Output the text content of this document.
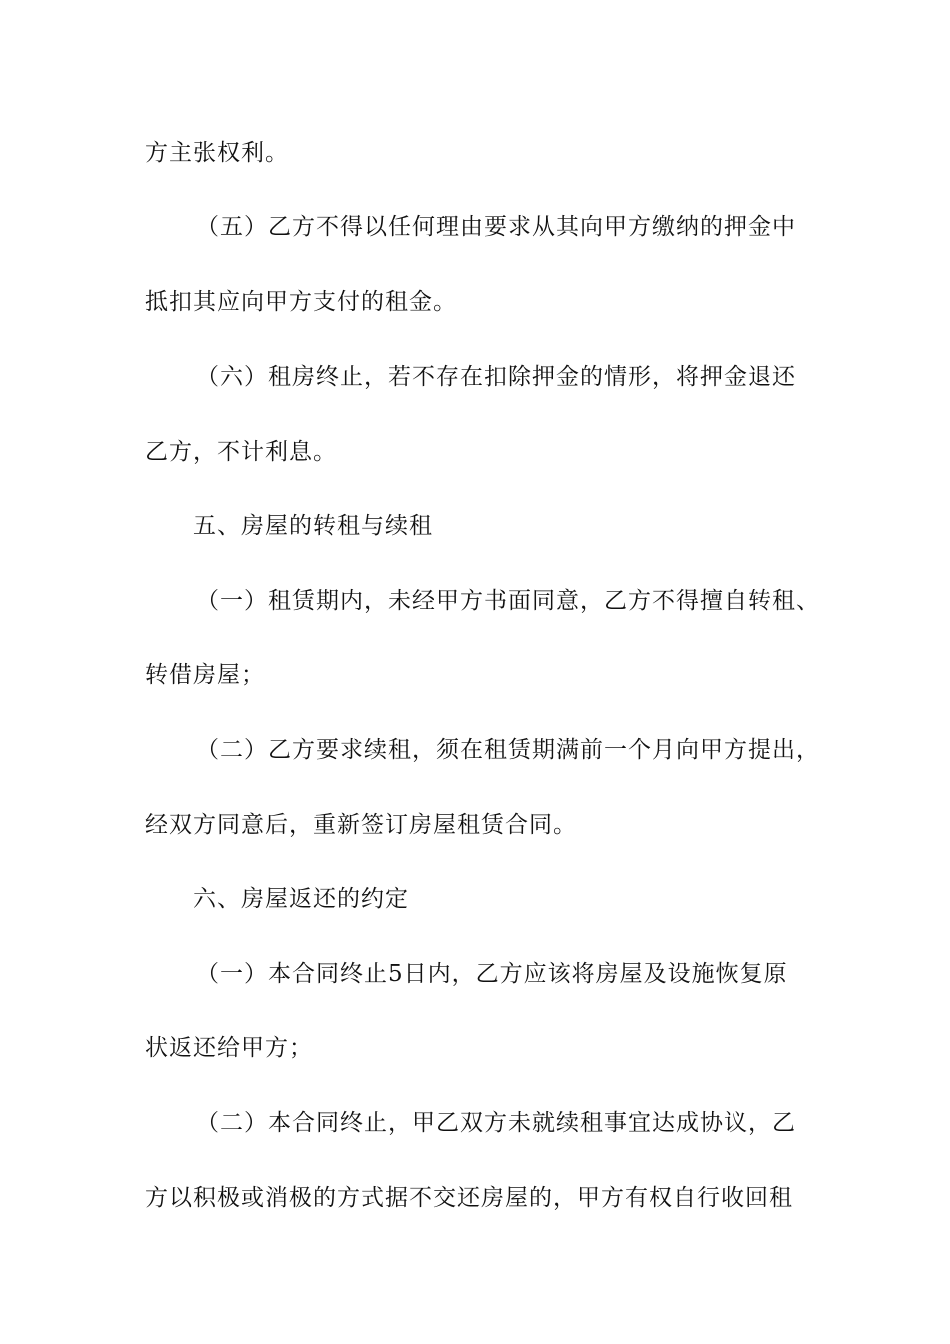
方主张权利。
（五）乙方不得以任何理由要求从其向甲方缴纳的押金中
抵扣其应向甲方支付的租金。
（六）租房终止，若不存在扣除押金的情形，将押金退还
乙方，不计利息。
五、房屋的转租与续租
（一）租赁期内，未经甲方书面同意，乙方不得擅自转租、
转借房屋；
（二）乙方要求续租，须在租赁期满前一个月向甲方提出，
经双方同意后，重新签订房屋租赁合同。
六、房屋返还的约定
（一）本合同终止5日内，乙方应该将房屋及设施恢复原
状返还给甲方；
（二）本合同终止，甲乙双方未就续租事宜达成协议，乙
方以积极或消极的方式据不交还房屋的，甲方有权自行收回租
